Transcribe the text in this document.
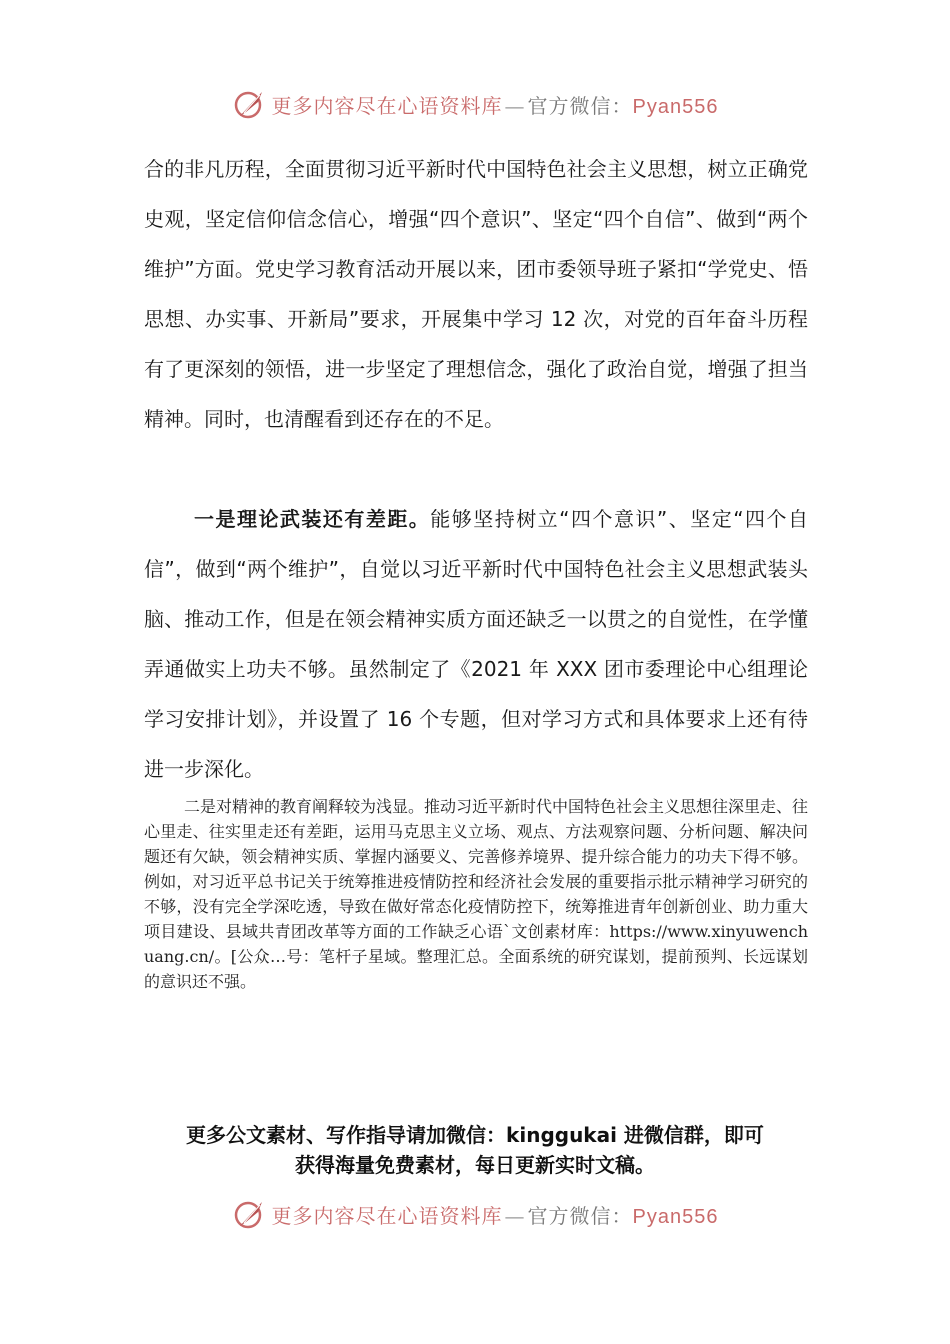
更多内容尽在心语资料库 — 官方微信：Pyan556

合的非凡历程，全面贯彻习近平新时代中国特色社会主义思想，树立正确党史观，坚定信仰信念信心，增强“四个意识”、坚定“四个自信”、做到“两个维护”方面。党史学习教育活动开展以来，团市委领导班子紧扣“学党史、悟思想、办实事、开新局”要求，开展集中学习 12 次，对党的百年奋斗历程有了更深刻的领悟，进一步坚定了理想信念，强化了政治自觉，增强了担当精神。同时，也清醒看到还存在的不足。

一是理论武装还有差距。能够坚持树立“四个意识”、坚定“四个自信”，做到“两个维护”，自觉以习近平新时代中国特色社会主义思想武装头脑、推动工作，但是在领会精神实质方面还缺乏一以贯之的自觉性，在学懂弄通做实上功夫不够。虽然制定了《2021 年 XXX 团市委理论中心组理论学习安排计划》，并设置了 16 个专题，但对学习方式和具体要求上还有待进一步深化。

二是对精神的教育阐释较为浅显。推动习近平新时代中国特色社会主义思想往深里走、往心里走、往实里走还有差距，运用马克思主义立场、观点、方法观察问题、分析问题、解决问题还有欠缺，领会精神实质、掌握内涵要义、完善修养境界、提升综合能力的功夫下得不够。例如，对习近平总书记关于统筹推进疫情防控和经济社会发展的重要指示批示精神学习研究的不够，没有完全学深吃透，导致在做好常态化疫情防控下，统筹推进青年创新创业、助力重大项目建设、县域共青团改革等方面的工作缺乏心语`文创素材库：https://www.xinyuwenchuang.cn/。[公众…号：笔杆子星域。整理汇总。全面系统的研究谋划，提前预判、长远谋划的意识还不强。

更多公文素材、写作指导请加微信：kinggukai 进微信群，即可
获得海量免费素材，每日更新实时文稿。

更多内容尽在心语资料库 — 官方微信：Pyan556
